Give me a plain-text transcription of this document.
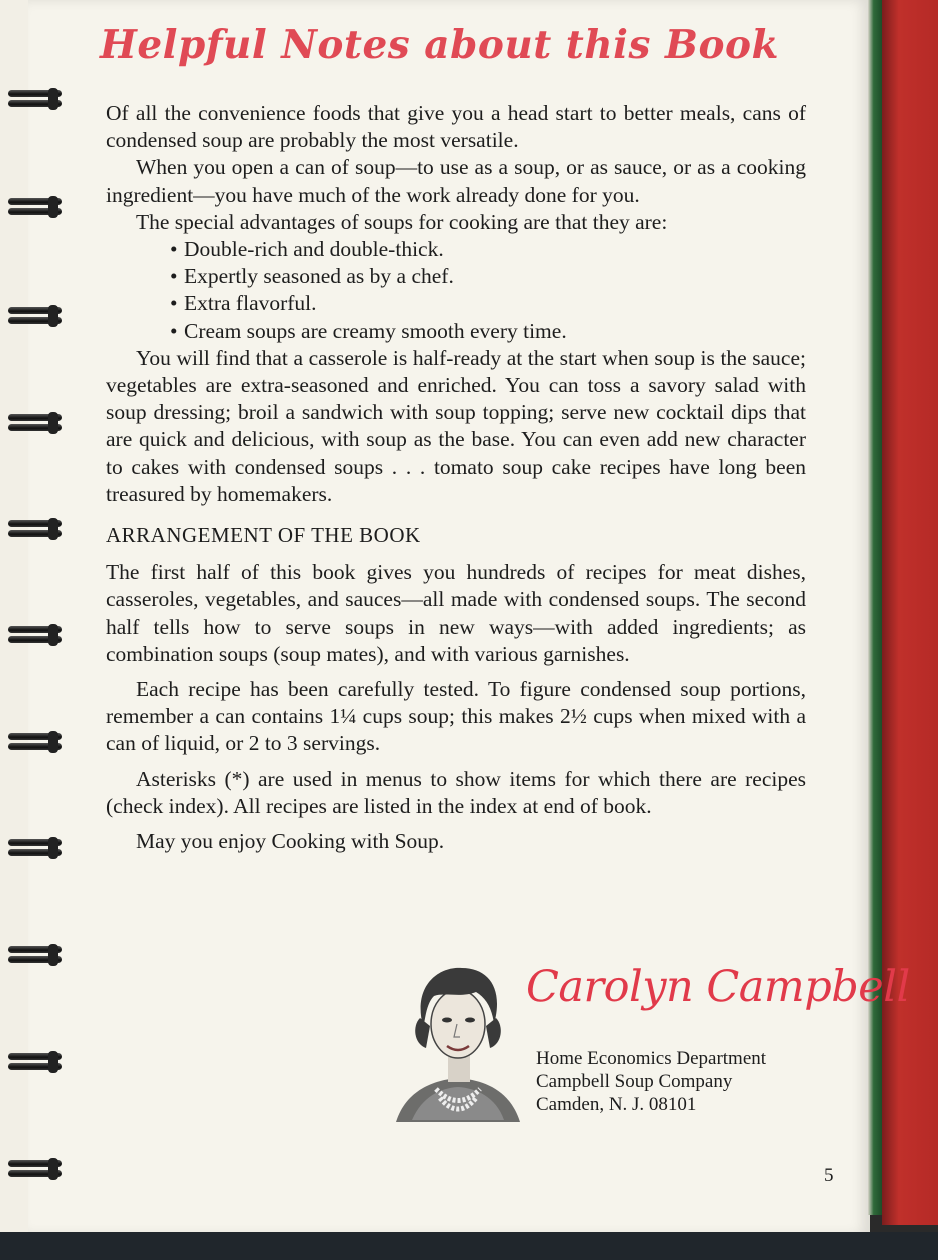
Helpful Notes about this Book

Of all the convenience foods that give you a head start to better meals, cans of condensed soup are probably the most versatile.

When you open a can of soup—to use as a soup, or as sauce, or as a cooking ingredient—you have much of the work already done for you.

The special advantages of soups for cooking are that they are:

• Double-rich and double-thick.
• Expertly seasoned as by a chef.
• Extra flavorful.
• Cream soups are creamy smooth every time.

You will find that a casserole is half-ready at the start when soup is the sauce; vegetables are extra-seasoned and enriched. You can toss a savory salad with soup dressing; broil a sandwich with soup topping; serve new cocktail dips that are quick and delicious, with soup as the base. You can even add new character to cakes with condensed soups . . . tomato soup cake recipes have long been treasured by homemakers.

ARRANGEMENT OF THE BOOK

The first half of this book gives you hundreds of recipes for meat dishes, casseroles, vegetables, and sauces—all made with condensed soups. The second half tells how to serve soups in new ways—with added ingredients; as combination soups (soup mates), and with various garnishes.

Each recipe has been carefully tested. To figure condensed soup portions, remember a can contains 1¼ cups soup; this makes 2½ cups when mixed with a can of liquid, or 2 to 3 servings.

Asterisks (*) are used in menus to show items for which there are recipes (check index). All recipes are listed in the index at end of book.

May you enjoy Cooking with Soup.

Carolyn Campbell
Home Economics Department
Campbell Soup Company
Camden, N. J. 08101
5
